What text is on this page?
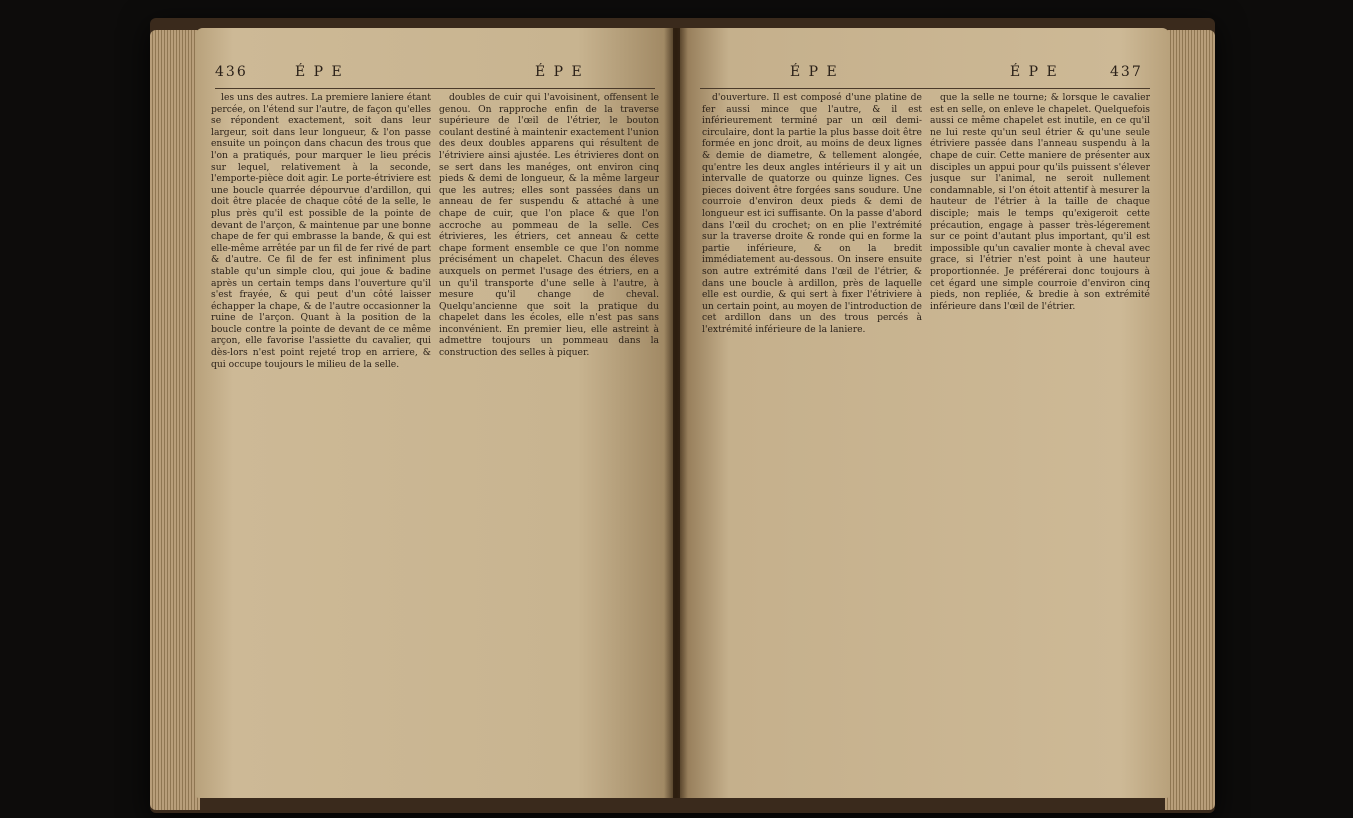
436	É P E	É P E

les uns des autres. La premiere laniere étant percée, on l'étend sur l'autre, de façon qu'elles se répondent exactement, soit dans leur largeur, soit dans leur longueur, & l'on passe ensuite un poinçon dans chacun des trous que l'on a pratiqués, pour marquer le lieu précis sur lequel, relativement à la seconde, l'emporte-pièce doit agir. Le porte-étriviere est une boucle quarrée dépourvue d'ardillon, qui doit être placée de chaque côté de la selle, le plus près qu'il est possible de la pointe de devant de l'arçon, & maintenue par une bonne chape de fer qui embrasse la bande, & qui est elle-même arrêtée par un fil de fer rivé de part & d'autre. Ce fil de fer est infiniment plus stable qu'un simple clou, qui joue & badine après un certain temps dans l'ouverture qu'il s'est frayée, & qui peut d'un côté laisser échapper la chape, & de l'autre occasionner la ruine de l'arçon. Quant à la position de la boucle contre la pointe de devant de ce même arçon, elle favorise l'assiette du cavalier, qui dès-lors n'est point rejeté trop en arriere, & qui occupe toujours le milieu de la selle.

doubles de cuir qui l'avoisinent, offensent le genou. On rapproche enfin de la traverse supérieure de l'œil de l'étrier, le bouton coulant destiné à maintenir exactement l'union des deux doubles apparens qui résultent de l'étriviere ainsi ajustée. Les étrivieres dont on se sert dans les manéges, ont environ cinq pieds & demi de longueur, & la même largeur que les autres; elles sont passées dans un anneau de fer suspendu & attaché à une chape de cuir, que l'on place & que l'on accroche au pommeau de la selle. Ces étrivieres, les étriers, cet anneau & cette chape forment ensemble ce que l'on nomme précisément un chapelet. Chacun des éleves auxquels on permet l'usage des étriers, en a un qu'il transporte d'une selle à l'autre, à mesure qu'il change de cheval. Quelqu'ancienne que soit la pratique du chapelet dans les écoles, elle n'est pas sans inconvénient. En premier lieu, elle astreint à admettre toujours un pommeau dans la construction des selles à piquer.

É P E	É P E	437

d'ouverture. Il est composé d'une platine de fer aussi mince que l'autre, & il est inférieurement terminé par un œil demi-circulaire, dont la partie la plus basse doit être formée en jonc droit, au moins de deux lignes & demie de diametre, & tellement alongée, qu'entre les deux angles intérieurs il y ait un intervalle de quatorze ou quinze lignes. Ces pieces doivent être forgées sans soudure. Une courroie d'environ deux pieds & demi de longueur est ici suffisante. On la passe d'abord dans l'œil du crochet; on en plie l'extrémité sur la traverse droite & ronde qui en forme la partie inférieure, & on la bredit immédiatement au-dessous. On insere ensuite son autre extrémité dans l'œil de l'étrier, & dans une boucle à ardillon, près de laquelle elle est ourdie, & qui sert à fixer l'étriviere à un certain point, au moyen de l'introduction de cet ardillon dans un des trous percés à l'extrémité inférieure de la laniere.

que la selle ne tourne; & lorsque le cavalier est en selle, on enleve le chapelet. Quelquefois aussi ce même chapelet est inutile, en ce qu'il ne lui reste qu'un seul étrier & qu'une seule étriviere passée dans l'anneau suspendu à la chape de cuir. Cette maniere de présenter aux disciples un appui pour qu'ils puissent s'élever jusque sur l'animal, ne seroit nullement condamnable, si l'on étoit attentif à mesurer la hauteur de l'étrier à la taille de chaque disciple; mais le temps qu'exigeroit cette précaution, engage à passer très-légerement sur ce point d'autant plus important, qu'il est impossible qu'un cavalier monte à cheval avec grace, si l'étrier n'est point à une hauteur proportionnée. Je préférerai donc toujours à cet égard une simple courroie d'environ cinq pieds, non repliée, & bredie à son extrémité inférieure dans l'œil de l'étrier.
